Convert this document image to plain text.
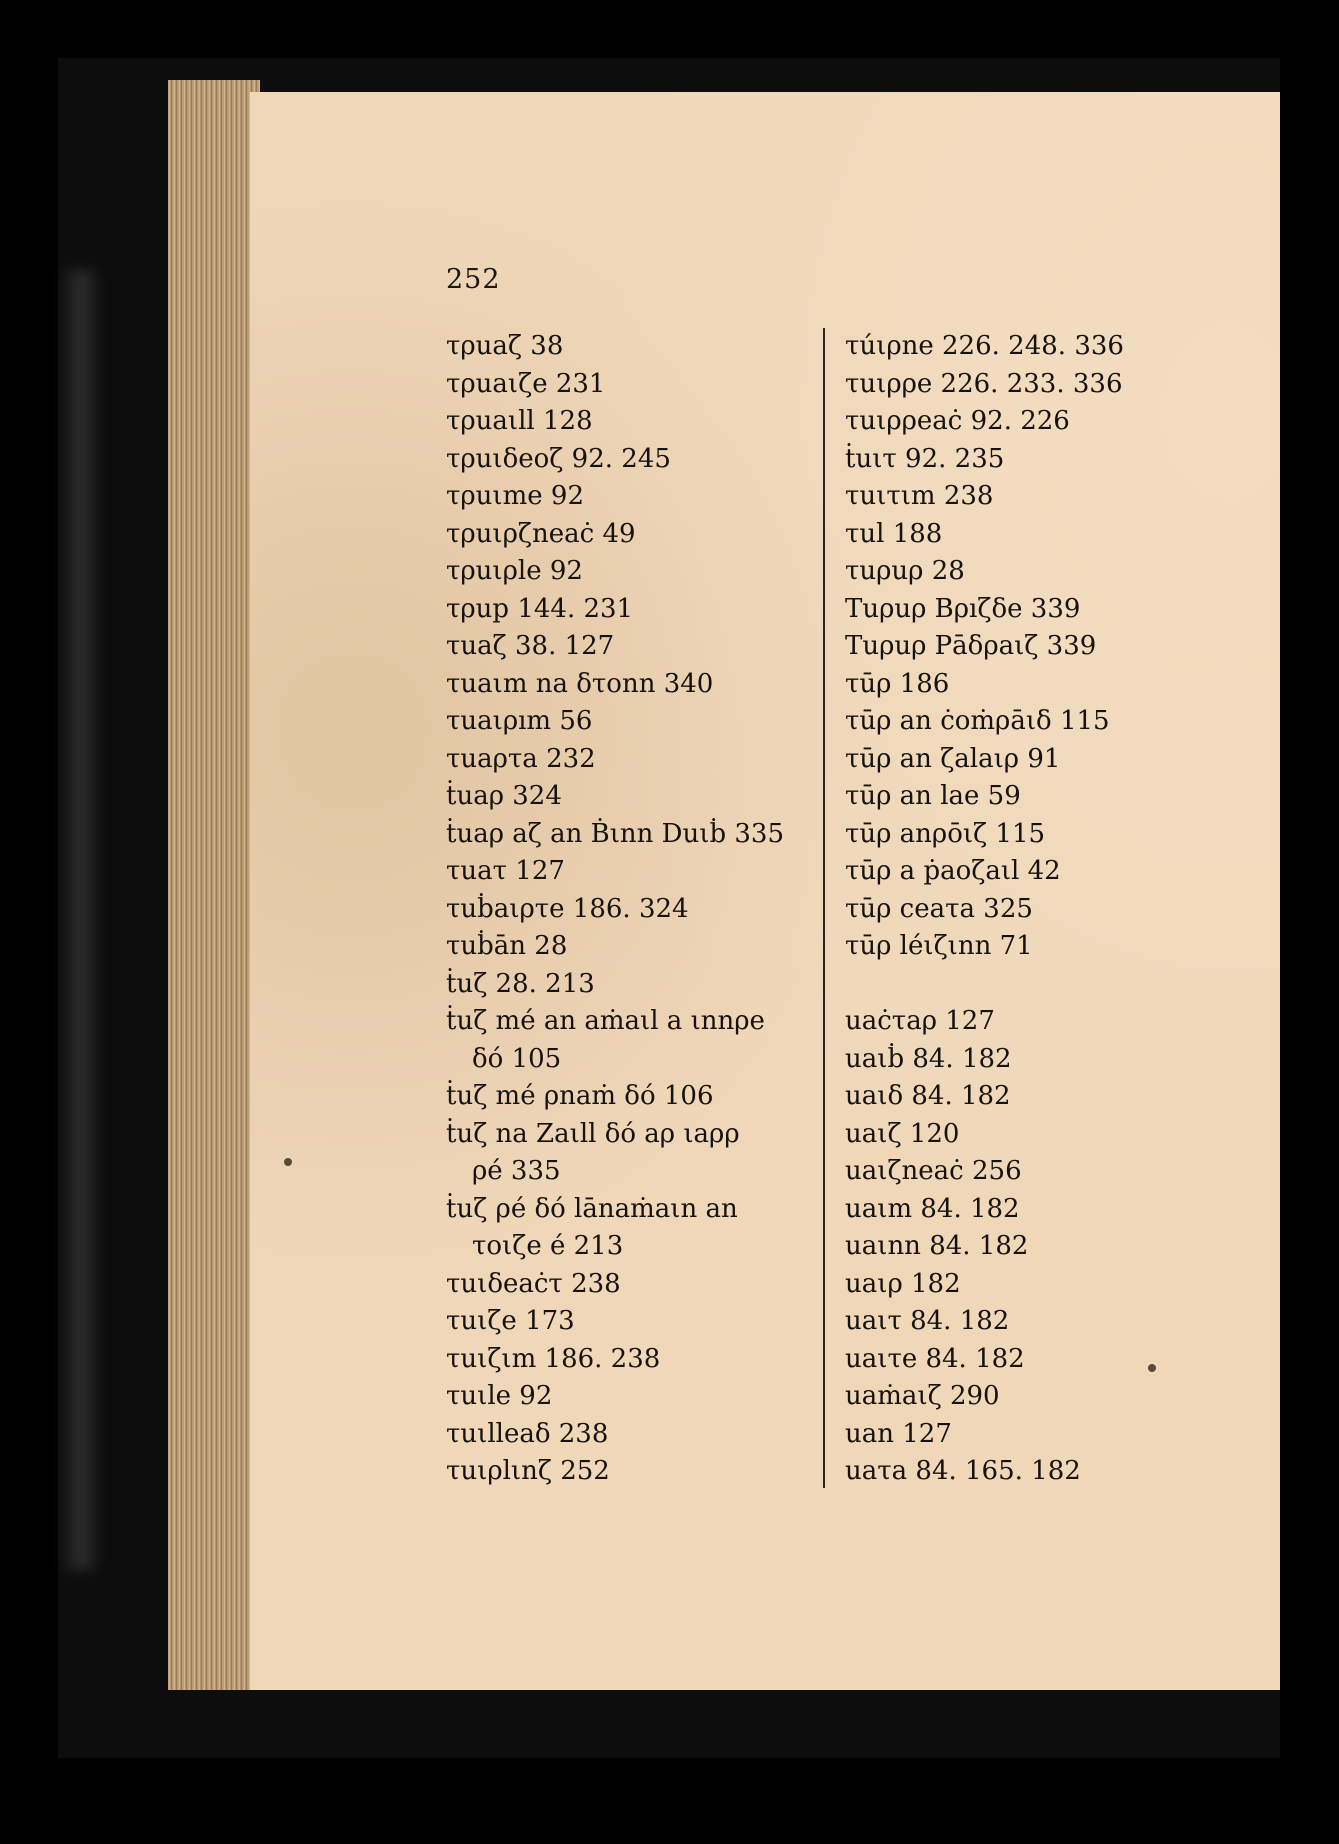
252
τρuaζ 38
τρuaιζe 231
τρuaιll 128
τρuιδeoζ 92. 245
τρuιme 92
τρuιρζneaċ 49
τρuιρle 92
τρup 144. 231
τuaζ 38. 127
τuaιm na δτonn 340
τuaιρım 56
τuaρτa 232
ṫuaρ 324
ṫuaρ aζ an Ḃιnn Duιḃ 335
τuaτ 127
τuḃaιρτe 186. 324
τuḃān 28
ṫuζ 28. 213
ṫuζ mé an aṁaιl a ιnnρe
δó 105
ṫuζ mé ρnaṁ δó 106
ṫuζ na Ζaιll δó aρ ιaρρ
ρé 335
ṫuζ ρé δó lānaṁaιn an
τoιζe é 213
τuιδeaċτ 238
τuιζe 173
τuιζιm 186. 238
τuιle 92
τuιlleaδ 238
τuιρlιnζ 252
τúιρne 226. 248. 336
τuιρρe 226. 233. 336
τuιρρeaċ 92. 226
ṫuιτ 92. 235
τuιτιm 238
τul 188
τuρuρ 28
Tuρuρ Bρıζδe 339
Tuρuρ Pāδρaιζ 339
τūρ 186
τūρ an ċoṁρāιδ 115
τūρ an ζalaιρ 91
τūρ an lae 59
τūρ anρōιζ 115
τūρ a ṗaoζaιl 42
τūρ ceaτa 325
τūρ léιζιnn 71
uaċτaρ 127
uaιḃ 84. 182
uaιδ 84. 182
uaιζ 120
uaιζneaċ 256
uaιm 84. 182
uaιnn 84. 182
uaιρ 182
uaιτ 84. 182
uaιτe 84. 182
uaṁaιζ 290
uan 127
uaτa 84. 165. 182
